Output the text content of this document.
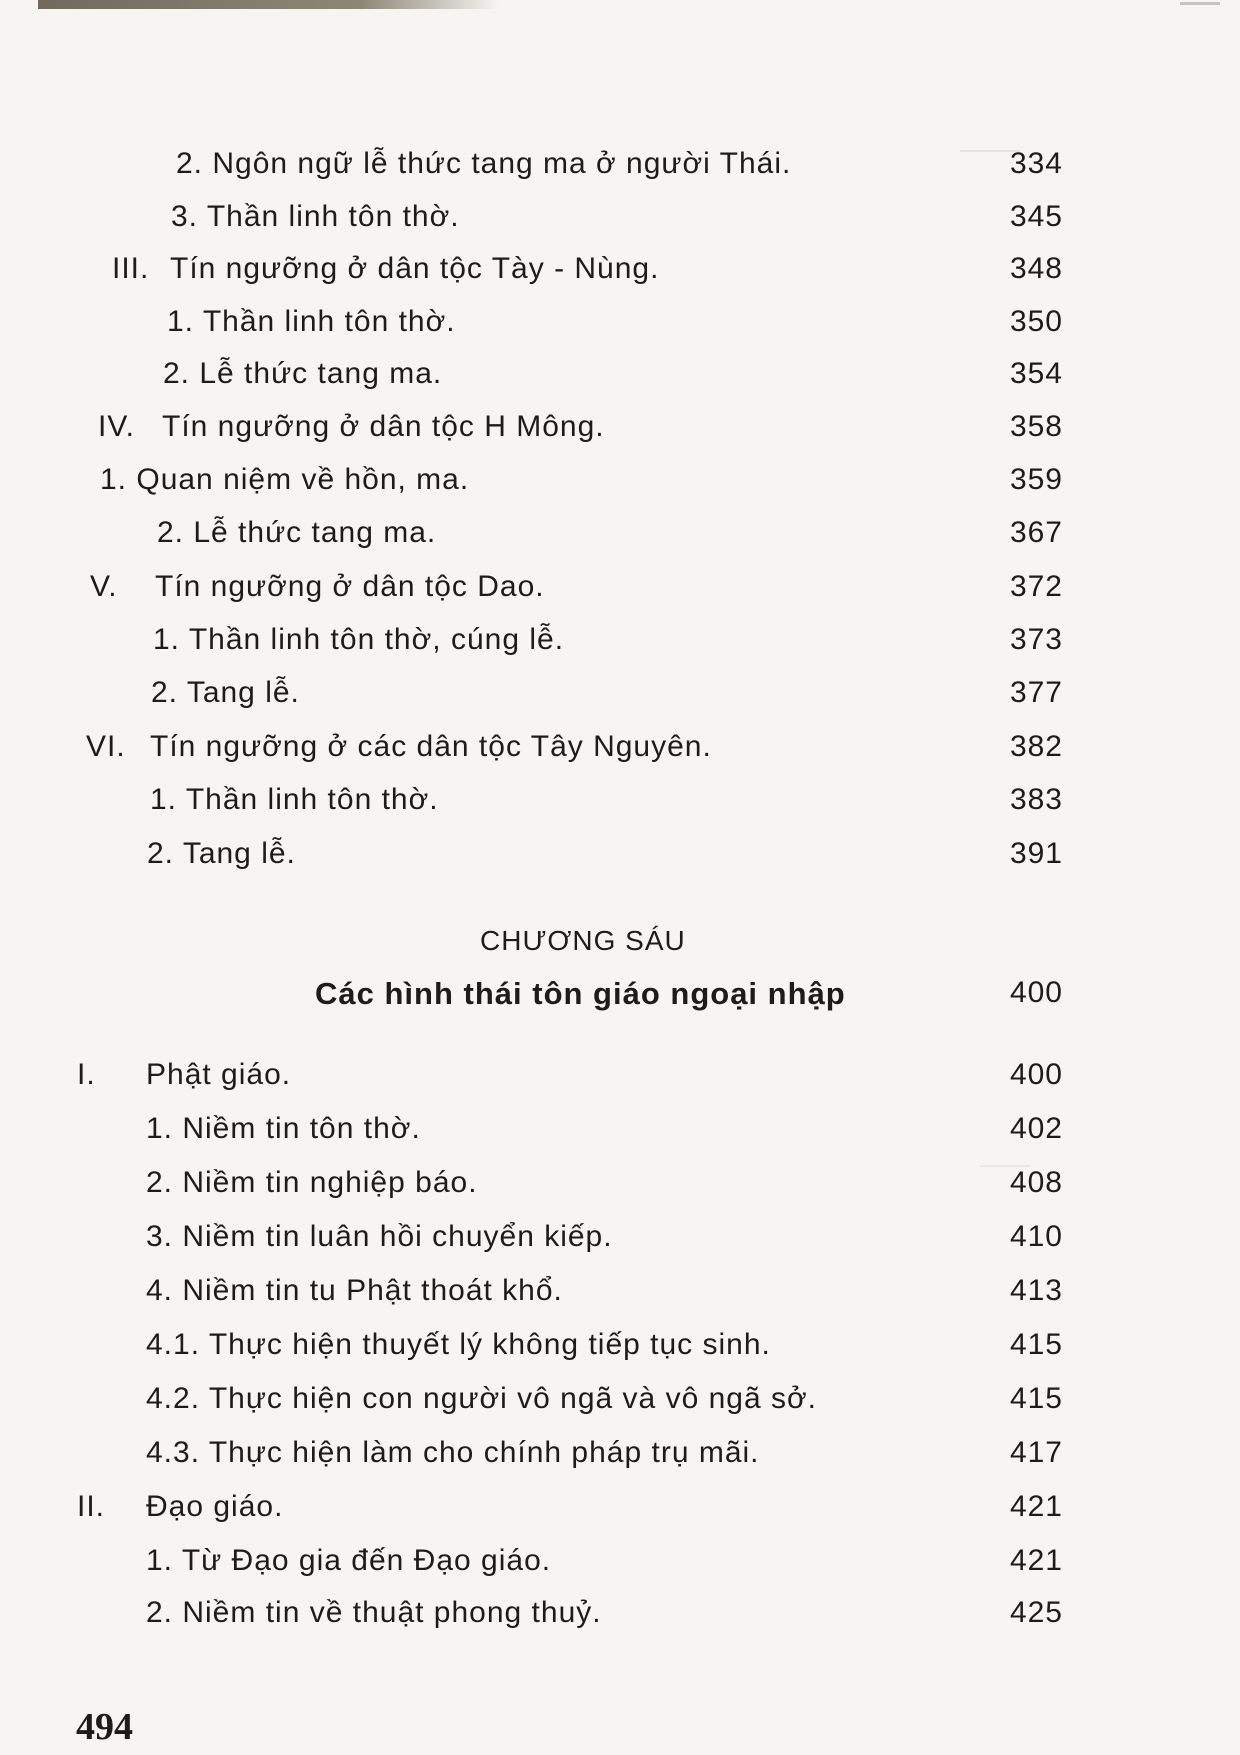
2. Ngôn ngữ lễ thức tang ma ở người Thái.	334
3. Thần linh tôn thờ.	345
III. Tín ngưỡng ở dân tộc Tày - Nùng.	348
1. Thần linh tôn thờ.	350
2. Lễ thức tang ma.	354
IV. Tín ngưỡng ở dân tộc H Mông.	358
1. Quan niệm về hồn, ma.	359
2. Lễ thức tang ma.	367
V. Tín ngưỡng ở dân tộc Dao.	372
1. Thần linh tôn thờ, cúng lễ.	373
2. Tang lễ.	377
VI. Tín ngưỡng ở các dân tộc Tây Nguyên.	382
1. Thần linh tôn thờ.	383
2. Tang lễ.	391
CHƯƠNG SÁU
Các hình thái tôn giáo ngoại nhập	400
I. Phật giáo.	400
1. Niềm tin tôn thờ.	402
2. Niềm tin nghiệp báo.	408
3. Niềm tin luân hồi chuyển kiếp.	410
4. Niềm tin tu Phật thoát khổ.	413
4.1. Thực hiện thuyết lý không tiếp tục sinh.	415
4.2. Thực hiện con người vô ngã và vô ngã sở.	415
4.3. Thực hiện làm cho chính pháp trụ mãi.	417
II. Đạo giáo.	421
1. Từ Đạo gia đến Đạo giáo.	421
2. Niềm tin về thuật phong thuỷ.	425
494
